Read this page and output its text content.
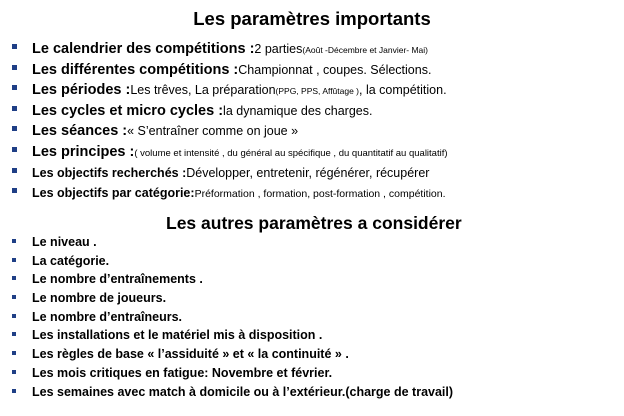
Les paramètres importants
Le calendrier des compétitions : 2 parties (Août -Décembre et Janvier- Mai)
Les différentes compétitions : Championnat , coupes. Sélections.
Les périodes : Les trêves, La préparation (PPG, PPS, Affûtage ) , la compétition.
Les cycles et micro cycles : la dynamique des charges.
Les séances : « S’entraîner comme on joue »
Les principes : ( volume et intensité , du général au spécifique , du quantitatif au qualitatif)
Les objectifs recherchés : Développer, entretenir, régénérer, récupérer
Les objectifs par catégorie: Préformation , formation, post-formation , compétition.
Les autres paramètres a considérer
Le niveau .
La catégorie.
Le nombre d’entraînements .
Le nombre de joueurs.
Le nombre d’entraîneurs.
Les installations et le matériel mis à disposition .
Les règles de base « l’assiduité » et « la continuité » .
Les mois critiques en fatigue: Novembre et février.
Les semaines avec match à domicile ou à l’extérieur.(charge de travail)
